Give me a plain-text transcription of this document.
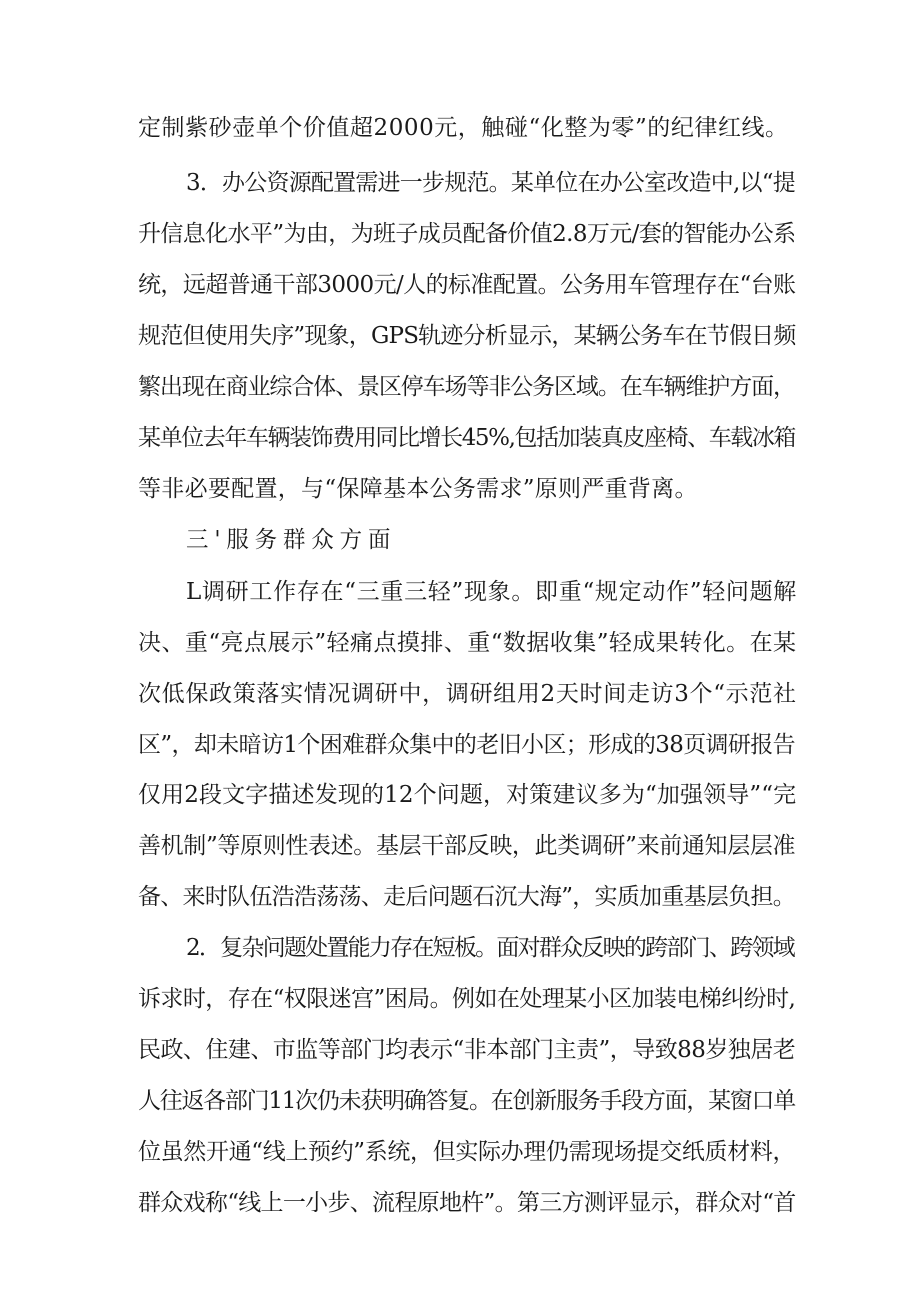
定制紫砂壶单个价值超2000元，触碰“化整为零”的纪律红线。
3．办公资源配置需进一步规范。某单位在办公室改造中,以“提
升信息化水平”为由，为班子成员配备价值2.8万元/套的智能办公系
统，远超普通干部3000元/人的标准配置。公务用车管理存在“台账
规范但使用失序”现象，GPS轨迹分析显示，某辆公务车在节假日频
繁出现在商业综合体、景区停车场等非公务区域。在车辆维护方面，
某单位去年车辆装饰费用同比增长45%,包括加装真皮座椅、车载冰箱
等非必要配置，与“保障基本公务需求”原则严重背离。
三'服务群众方面
L调研工作存在“三重三轻”现象。即重“规定动作”轻问题解
决、重“亮点展示”轻痛点摸排、重“数据收集”轻成果转化。在某
次低保政策落实情况调研中，调研组用2天时间走访3个“示范社
区”，却未暗访1个困难群众集中的老旧小区；形成的38页调研报告
仅用2段文字描述发现的12个问题，对策建议多为“加强领导”“完
善机制”等原则性表述。基层干部反映，此类调研”来前通知层层准
备、来时队伍浩浩荡荡、走后问题石沉大海”，实质加重基层负担。
2．复杂问题处置能力存在短板。面对群众反映的跨部门、跨领域
诉求时，存在“权限迷宫”困局。例如在处理某小区加装电梯纠纷时,
民政、住建、市监等部门均表示“非本部门主责”，导致88岁独居老
人往返各部门11次仍未获明确答复。在创新服务手段方面，某窗口单
位虽然开通“线上预约”系统，但实际办理仍需现场提交纸质材料，
群众戏称“线上一小步、流程原地杵”。第三方测评显示，群众对“首
